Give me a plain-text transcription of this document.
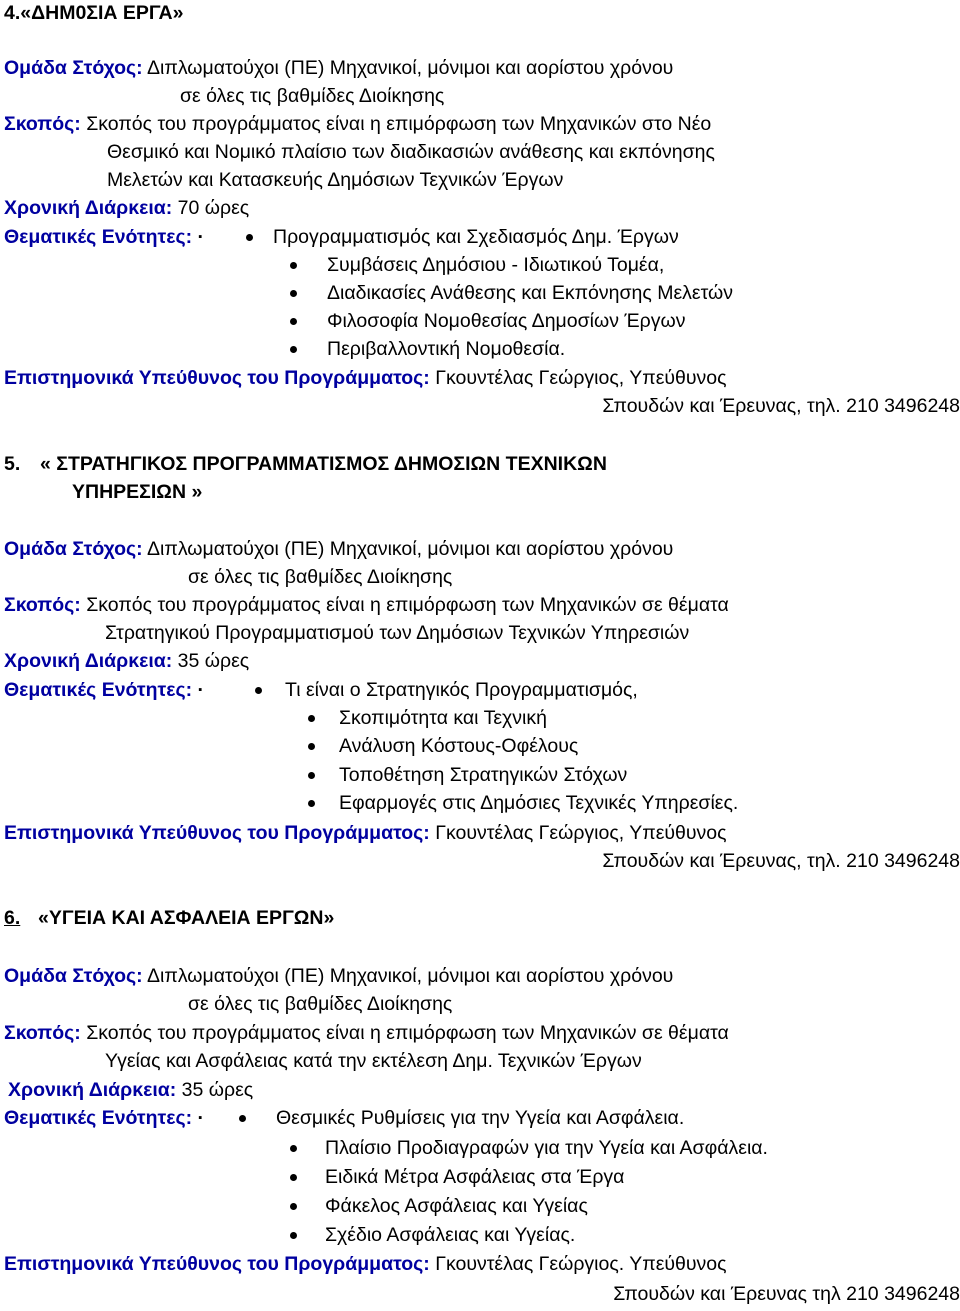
4.«ΔΗΜ0ΣΙΑ ΕΡΓΑ»
Ομάδα Στόχος: Διπλωματούχοι (ΠΕ) Μηχανικοί, μόνιμοι και αορίστου χρόνου
σε όλες τις βαθμίδες Διοίκησης
Σκοπός: Σκοπός του προγράμματος είναι η επιμόρφωση των Μηχανικών στο Νέο
Θεσμικό και Νομικό πλαίσιο των διαδικασιών ανάθεσης και εκπόνησης
Μελετών και Κατασκευής Δημόσιων Τεχνικών Έργων
Χρονική Διάρκεια: 70 ώρες
Θεματικές Ενότητες: ·	Προγραμματισμός και Σχεδιασμός Δημ. Έργων
Συμβάσεις Δημόσιου - Ιδιωτικού Τομέα,
Διαδικασίες Ανάθεσης και Εκπόνησης Μελετών
Φιλοσοφία Νομοθεσίας Δημοσίων Έργων
Περιβαλλοντική Νομοθεσία.
Επιστημονικά Υπεύθυνος του Προγράμματος: Γκουντέλας Γεώργιος, Υπεύθυνος
Σπουδών και Έρευνας, τηλ. 210 3496248
5. « ΣΤΡΑΤΗΓΙΚΟΣ ΠΡΟΓΡΑΜΜΑΤΙΣΜΟΣ ΔΗΜΟΣΙΩΝ ΤΕΧΝΙΚΩΝ
ΥΠΗΡΕΣΙΩΝ »
Ομάδα Στόχος: Διπλωματούχοι (ΠΕ) Μηχανικοί, μόνιμοι και αορίστου χρόνου
σε όλες τις βαθμίδες Διοίκησης
Σκοπός: Σκοπός του προγράμματος είναι η επιμόρφωση των Μηχανικών σε θέματα
Στρατηγικού Προγραμματισμού των Δημόσιων Τεχνικών Υπηρεσιών
Χρονική Διάρκεια: 35 ώρες
Θεματικές Ενότητες: ·	Τι είναι ο Στρατηγικός Προγραμματισμός,
Σκοπιμότητα και Τεχνική
Ανάλυση Κόστους-Οφέλους
Τοποθέτηση Στρατηγικών Στόχων
Εφαρμογές στις Δημόσιες Τεχνικές Υπηρεσίες.
Επιστημονικά Υπεύθυνος του Προγράμματος: Γκουντέλας Γεώργιος, Υπεύθυνος
Σπουδών και Έρευνας, τηλ. 210 3496248
6. «ΥΓΕΙΑ ΚΑΙ ΑΣΦΑΛΕΙΑ ΕΡΓΩΝ»
Ομάδα Στόχος: Διπλωματούχοι (ΠΕ) Μηχανικοί, μόνιμοι και αορίστου χρόνου
σε όλες τις βαθμίδες Διοίκησης
Σκοπός: Σκοπός του προγράμματος είναι η επιμόρφωση των Μηχανικών σε θέματα
Υγείας και Ασφάλειας κατά την εκτέλεση Δημ. Τεχνικών Έργων
Χρονική Διάρκεια: 35 ώρες
Θεματικές Ενότητες: ·	Θεσμικές Ρυθμίσεις για την Υγεία και Ασφάλεια.
Πλαίσιο Προδιαγραφών για την Υγεία και Ασφάλεια.
Ειδικά Μέτρα Ασφάλειας στα Έργα
Φάκελος Ασφάλειας και Υγείας
Σχέδιο Ασφάλειας και Υγείας.
Επιστημονικά Υπεύθυνος του Προγράμματος: Γκουντέλας Γεώργιος. Υπεύθυνος
Σπουδών και Έρευνας τηλ 210 3496248
